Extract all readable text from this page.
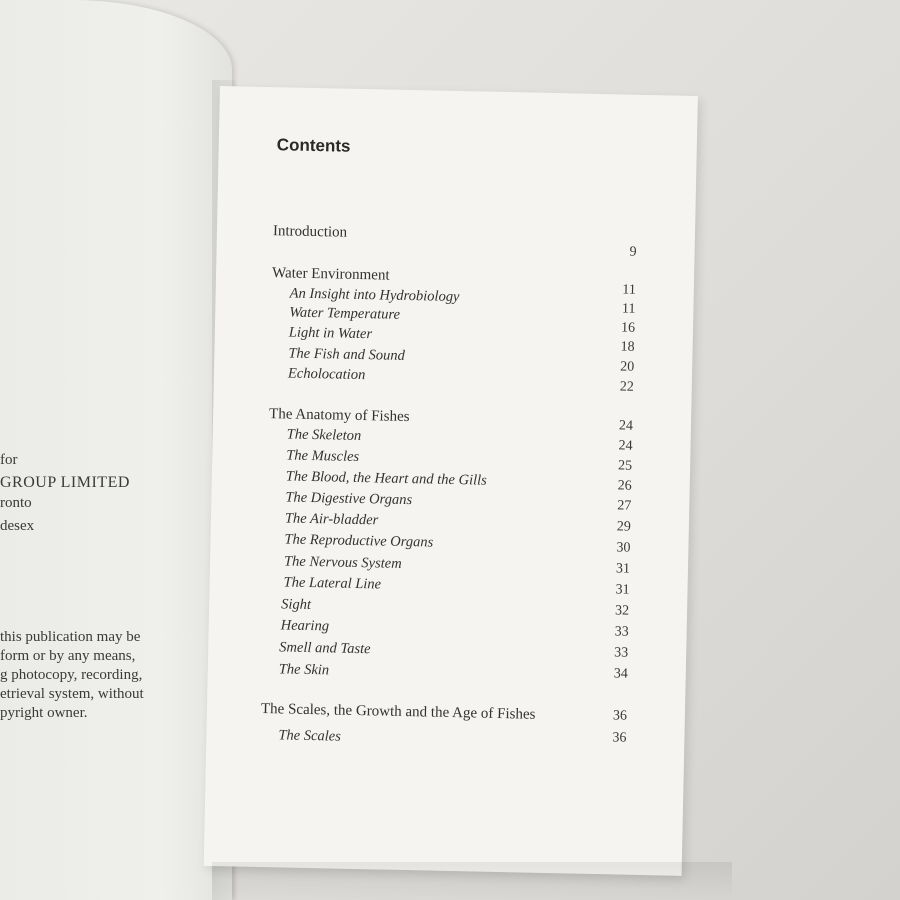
for

GROUP LIMITED

ronto

desex

this publication may be

form or by any means,

g photocopy, recording,

etrieval system, without

pyright owner.

Contents
Introduction
Water Environment
An Insight into Hydrobiology
Water Temperature
Light in Water
The Fish and Sound
Echolocation
The Anatomy of Fishes
The Skeleton
The Muscles
The Blood, the Heart and the Gills
The Digestive Organs
The Air-bladder
The Reproductive Organs
The Nervous System
The Lateral Line
Sight
Hearing
Smell and Taste
The Skin
The Scales, the Growth and the Age of Fishes
The Scales
9
11
11
16
18
20
22
24
24
25
26
27
29
30
31
31
32
33
33
34
36
36
